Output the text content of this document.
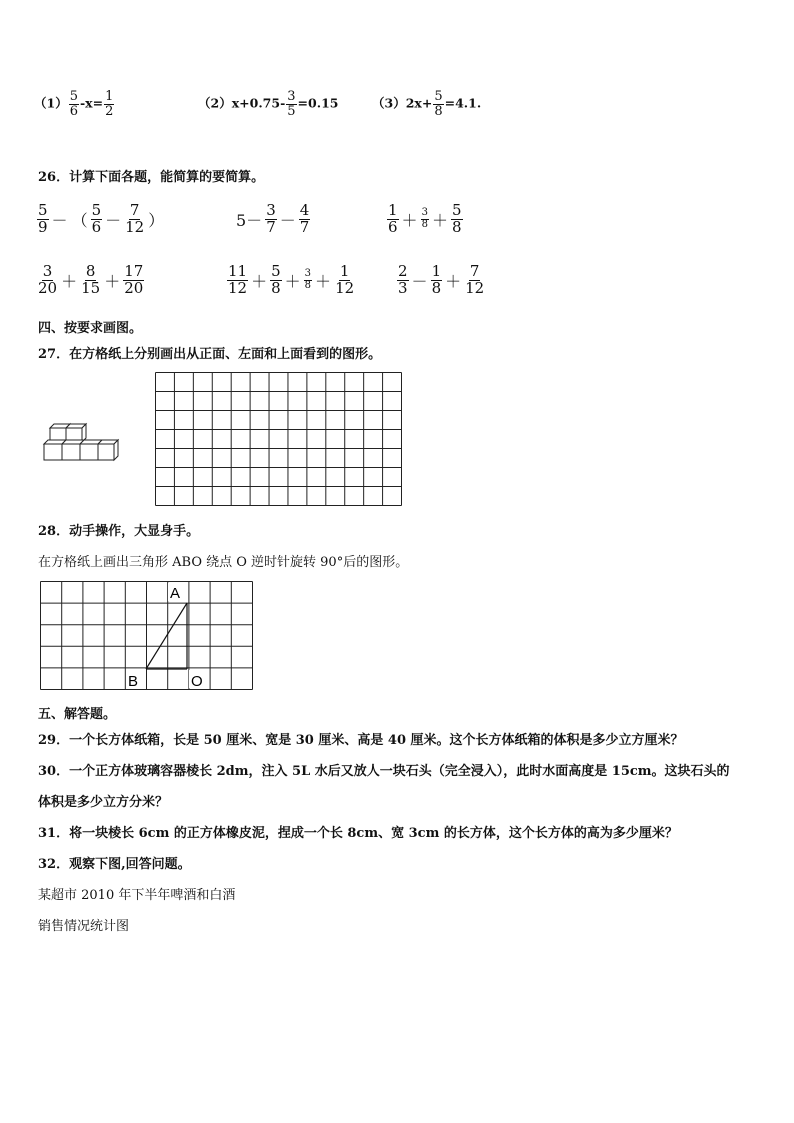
$(1) \frac{5}{6} -x= \frac{1}{2}$	$(2)x+0.75- \frac{3}{5} =0.15$	$(3)2x+ \frac{5}{8} =4.1$.
26．计算下面各题，能简算的要简算。
$\frac{5}{9}$ － （ $\frac{5}{6} - \frac{7}{12}$ ）	$5- \frac{3}{7} - \frac{4}{7}$	$\frac{1}{6} + \frac{3}{8} + \frac{5}{8}$
$\frac{3}{20} + \frac{8}{15} + \frac{17}{20}$	$\frac{11}{12} + \frac{5}{8} + \frac{3}{8} + \frac{1}{12}$	$\frac{2}{3} - \frac{1}{8} + \frac{7}{12}$
四、按要求画图。
27．在方格纸上分别画出从正面、左面和上面看到的图形。
28．动手操作，大显身手。
在方格纸上画出三角形 ABO 绕点 O 逆时针旋转 90°后的图形。
A
B	O
五、解答题。
29．一个长方体纸箱，长是 50 厘米、宽是 30 厘米、高是 40 厘米。这个长方体纸箱的体积是多少立方厘米？
30．一个正方体玻璃容器棱长 2dm，注入 5L 水后又放人一块石头（完全浸入），此时水面高度是 15cm。这块石头的
体积是多少立方分米？
31．将一块棱长 6cm 的正方体橡皮泥，捏成一个长 8cm、宽 3cm 的长方体，这个长方体的高为多少厘米？
32．观察下图,回答问题。
某超市 2010 年下半年啤酒和白酒
销售情况统计图
